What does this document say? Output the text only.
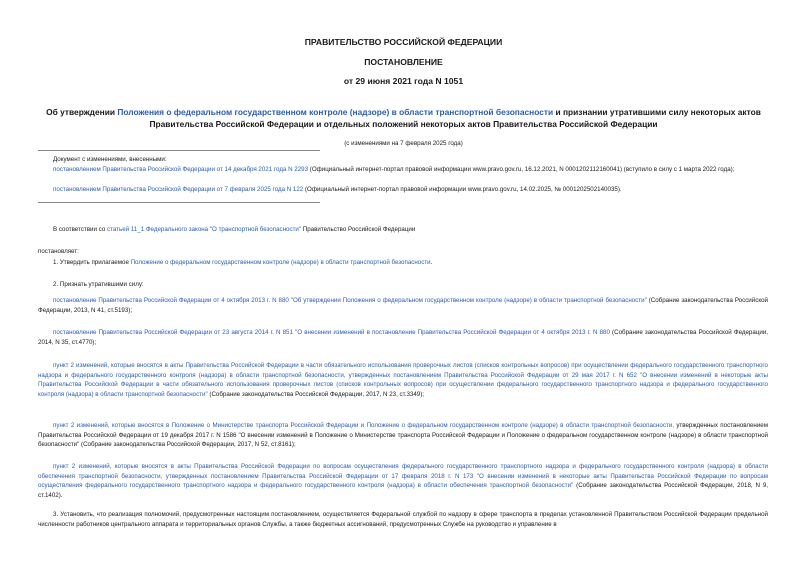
ПРАВИТЕЛЬСТВО РОССИЙСКОЙ ФЕДЕРАЦИИ
ПОСТАНОВЛЕНИЕ
от 29 июня 2021 года N 1051
Об утверждении Положения о федеральном государственном контроле (надзоре) в области транспортной безопасности и признании утратившими силу некоторых актов Правительства Российской Федерации и отдельных положений некоторых актов Правительства Российской Федерации
(с изменениями на 7 февраля 2025 года)
Документ с изменениями, внесенными:
постановлением Правительства Российской Федерации от 14 декабря 2021 года N 2293 (Официальный интернет-портал правовой информации www.pravo.gov.ru, 16.12.2021, N 0001202112160041) (вступило в силу с 1 марта 2022 года);
постановлением Правительства Российской Федерации от 7 февраля 2025 года N 122 (Официальный интернет-портал правовой информации www.pravo.gov.ru, 14.02.2025, № 0001202502140035).
В соответствии со статьей 11_1 Федерального закона "О транспортной безопасности" Правительство Российской Федерации
постановляет:
1. Утвердить прилагаемое Положение о федеральном государственном контроле (надзоре) в области транспортной безопасности.
2. Признать утратившими силу:
постановление Правительства Российской Федерации от 4 октября 2013 г. N 880 "Об утверждении Положения о федеральном государственном контроле (надзоре) в области транспортной безопасности" (Собрание законодательства Российской Федерации, 2013, N 41, ст.5193);
постановление Правительства Российской Федерации от 23 августа 2014 г. N 851 "О внесении изменений в постановление Правительства Российской Федерации от 4 октября 2013 г. N 880 (Собрание законодательства Российской Федерации, 2014, N 35, ст.4770);
пункт 2 изменений, которые вносятся в акты Правительства Российской Федерации в части обязательного использования проверочных листов (списков контрольных вопросов) при осуществлении федерального государственного транспортного надзора и федерального государственного контроля (надзора) в области транспортной безопасности, утвержденных постановлением Правительства Российской Федерации от 29 мая 2017 г. N 652 "О внесении изменений в некоторые акты Правительства Российской Федерации в части обязательного использования проверочных листов (списков контрольных вопросов) при осуществлении федерального государственного транспортного надзора и федерального государственного контроля (надзора) в области транспортной безопасности" (Собрание законодательства Российской Федерации, 2017, N 23, ст.3349);
пункт 2 изменений, которые вносятся в Положение о Министерстве транспорта Российской Федерации и Положение о федеральном государственном контроле (надзоре) в области транспортной безопасности, утвержденных постановлением Правительства Российской Федерации от 19 декабря 2017 г. N 1586 "О внесении изменений в Положение о Министерстве транспорта Российской Федерации и Положение о федеральном государственном контроле (надзоре) в области транспортной безопасности" (Собрание законодательства Российской Федерации, 2017, N 52, ст.8161);
пункт 2 изменений, которые вносятся в акты Правительства Российской Федерации по вопросам осуществления федерального государственного транспортного надзора и федерального государственного контроля (надзора) в области обеспечения транспортной безопасности, утвержденных постановлением Правительства Российской Федерации от 17 февраля 2018 г. N 173 "О внесении изменений в некоторые акты Правительства Российской Федерации по вопросам осуществления федерального государственного транспортного надзора и федерального государственного контроля (надзора) в области обеспечения транспортной безопасности" (Собрание законодательства Российской Федерации, 2018, N 9, ст.1402).
3. Установить, что реализация полномочий, предусмотренных настоящим постановлением, осуществляется Федеральной службой по надзору в сфере транспорта в пределах установленной Правительством Российской Федерации предельной численности работников центрального аппарата и территориальных органов Службы, а также бюджетных ассигнований, предусмотренных Службе на руководство и управление в
